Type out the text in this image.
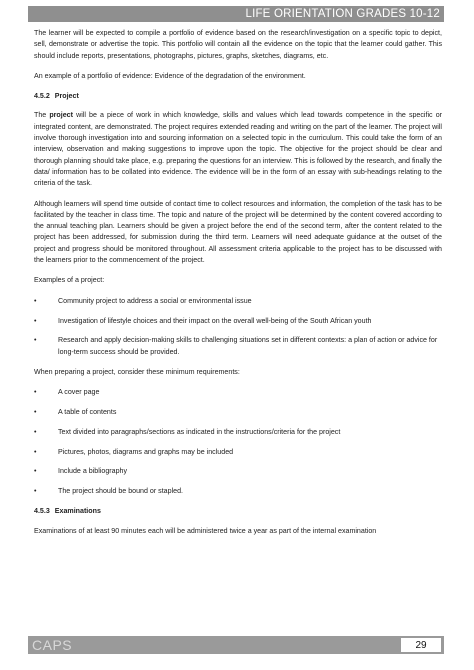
LIFE ORIENTATION GRADES 10-12

The learner will be expected to compile a portfolio of evidence based on the research/investigation on a specific topic to depict, sell, demonstrate or advertise the topic. This portfolio will contain all the evidence on the topic that the learner could gather. This should include reports, presentations, photographs, pictures, graphs, sketches, diagrams, etc.

An example of a portfolio of evidence: Evidence of the degradation of the environment.

4.5.2 Project

The project will be a piece of work in which knowledge, skills and values which lead towards competence in the specific or integrated content, are demonstrated. The project requires extended reading and writing on the part of the learner. The project will involve thorough investigation into and sourcing information on a selected topic in the curriculum. This could take the form of an interview, observation and making suggestions to improve upon the topic. The objective for the project should be clear and thorough planning should take place, e.g. preparing the questions for an interview. This is followed by the research, and finally the data/ information has to be collated into evidence. The evidence will be in the form of an essay with sub-headings relating to the criteria of the task.

Although learners will spend time outside of contact time to collect resources and information, the completion of the task has to be facilitated by the teacher in class time. The topic and nature of the project will be determined by the content covered according to the annual teaching plan. Learners should be given a project before the end of the second term, after the content related to the project has been addressed, for submission during the third term. Learners will need adequate guidance at the outset of the project and progress should be monitored throughout. All assessment criteria applicable to the project has to be discussed with the learners prior to the commencement of the project.

Examples of a project:

•	Community project to address a social or environmental issue
•	Investigation of lifestyle choices and their impact on the overall well-being of the South African youth
•	Research and apply decision-making skills to challenging situations set in different contexts: a plan of action or advice for long-term success should be provided.

When preparing a project, consider these minimum requirements:

•	A cover page
•	A table of contents
•	Text divided into paragraphs/sections as indicated in the instructions/criteria for the project
•	Pictures, photos, diagrams and graphs may be included
•	Include a bibliography
•	The project should be bound or stapled.
4.5.3 Examinations

Examinations of at least 90 minutes each will be administered twice a year as part of the internal examination

CAPS	29
